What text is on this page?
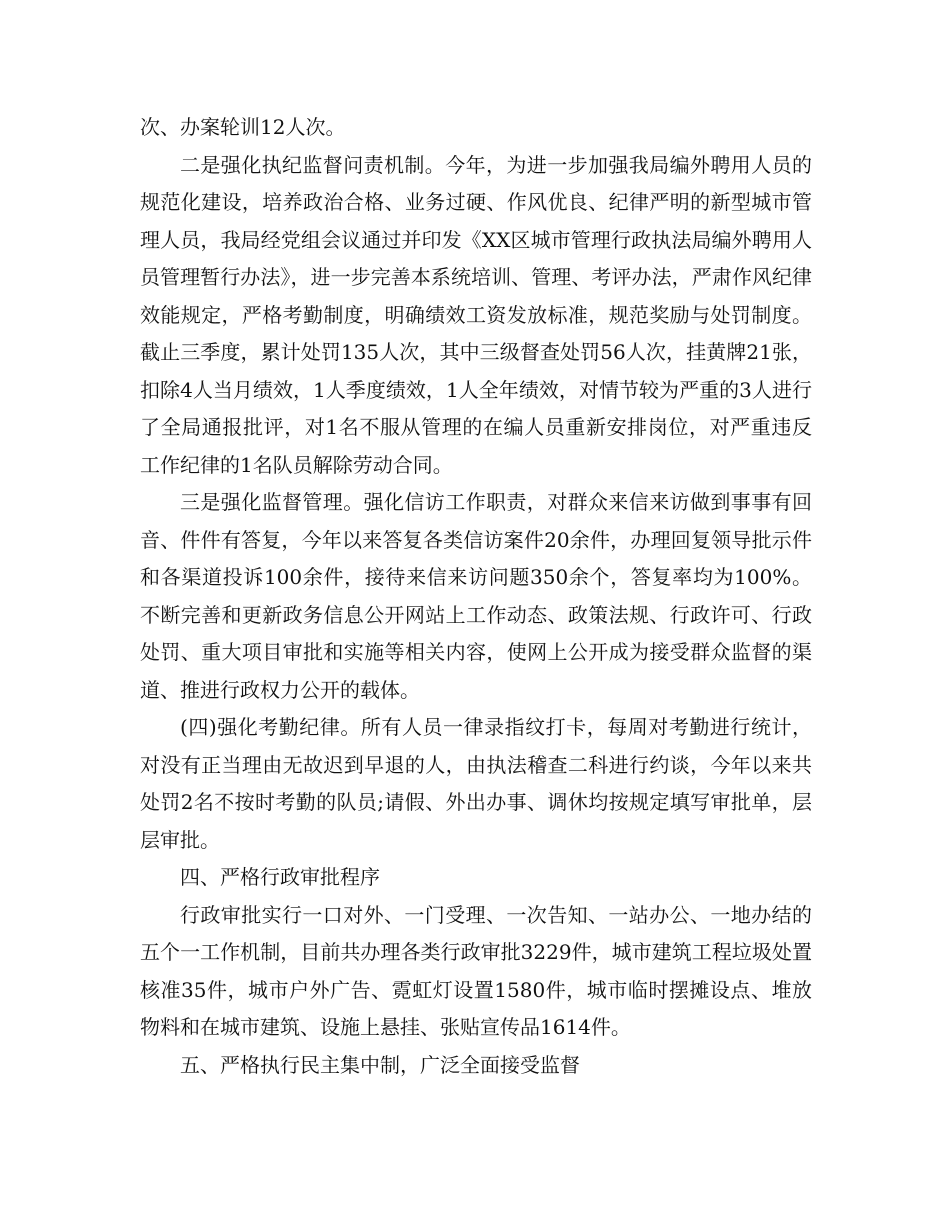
次、办案轮训12人次。

二是强化执纪监督问责机制。今年，为进一步加强我局编外聘用人员的规范化建设，培养政治合格、业务过硬、作风优良、纪律严明的新型城市管理人员，我局经党组会议通过并印发《XX区城市管理行政执法局编外聘用人员管理暂行办法》，进一步完善本系统培训、管理、考评办法，严肃作风纪律效能规定，严格考勤制度，明确绩效工资发放标准，规范奖励与处罚制度。截止三季度，累计处罚135人次，其中三级督查处罚56人次，挂黄牌21张，扣除4人当月绩效，1人季度绩效，1人全年绩效，对情节较为严重的3人进行了全局通报批评，对1名不服从管理的在编人员重新安排岗位，对严重违反工作纪律的1名队员解除劳动合同。

三是强化监督管理。强化信访工作职责，对群众来信来访做到事事有回音、件件有答复，今年以来答复各类信访案件20余件，办理回复领导批示件和各渠道投诉100余件，接待来信来访问题350余个，答复率均为100%。不断完善和更新政务信息公开网站上工作动态、政策法规、行政许可、行政处罚、重大项目审批和实施等相关内容，使网上公开成为接受群众监督的渠道、推进行政权力公开的载体。

(四)强化考勤纪律。所有人员一律录指纹打卡，每周对考勤进行统计，对没有正当理由无故迟到早退的人，由执法稽查二科进行约谈，今年以来共处罚2名不按时考勤的队员;请假、外出办事、调休均按规定填写审批单，层层审批。

四、严格行政审批程序

行政审批实行一口对外、一门受理、一次告知、一站办公、一地办结的五个一工作机制，目前共办理各类行政审批3229件，城市建筑工程垃圾处置核准35件，城市户外广告、霓虹灯设置1580件，城市临时摆摊设点、堆放物料和在城市建筑、设施上悬挂、张贴宣传品1614件。

五、严格执行民主集中制，广泛全面接受监督
